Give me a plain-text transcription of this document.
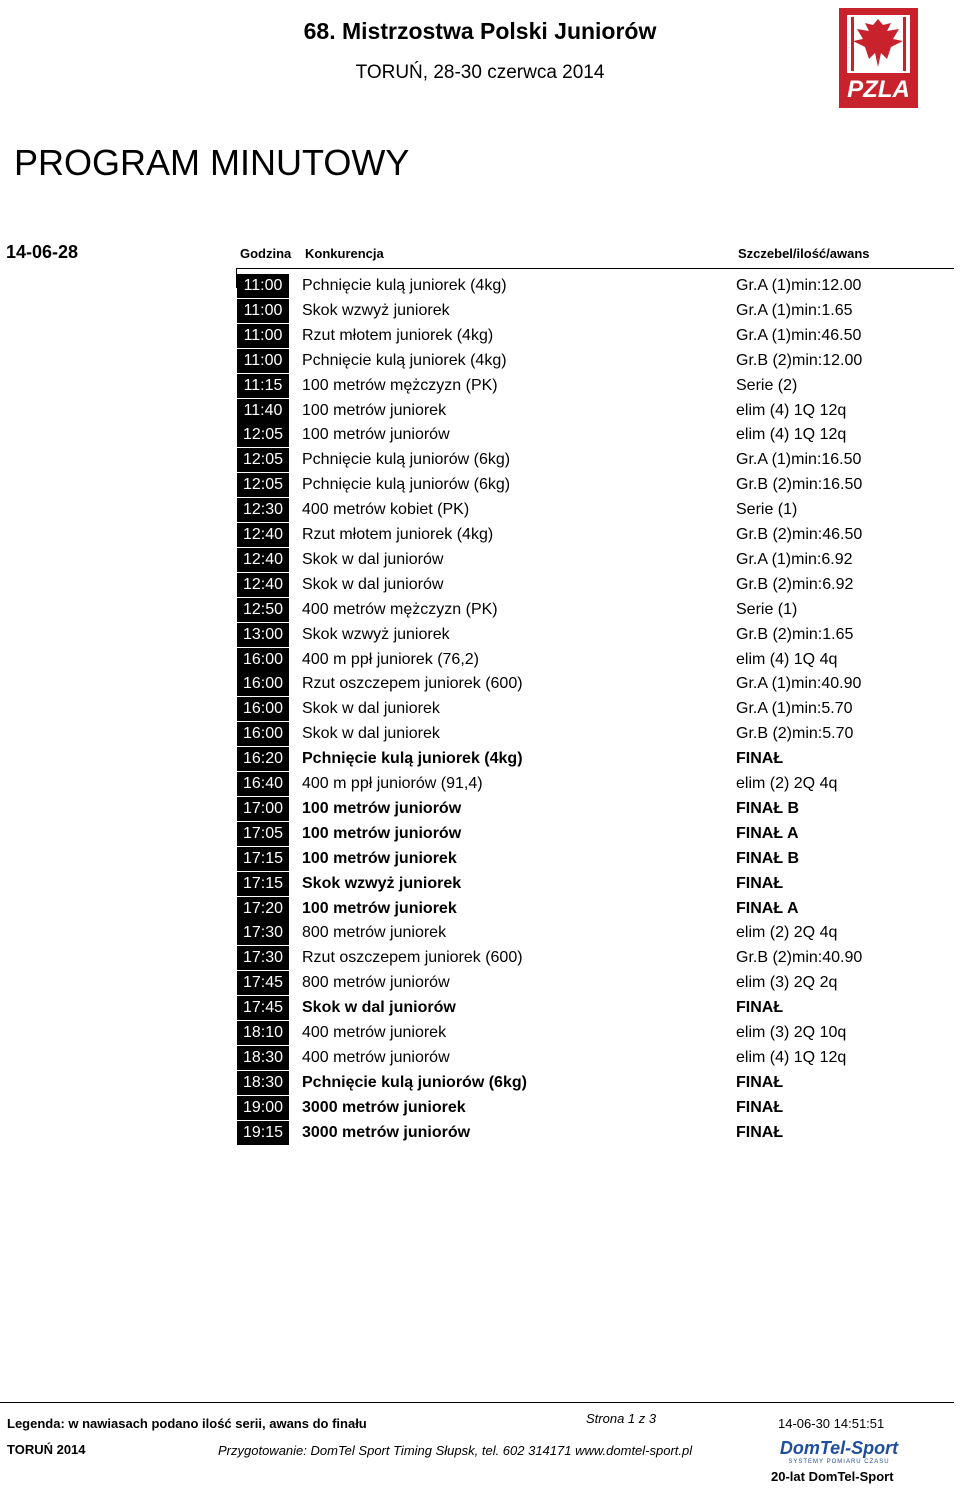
68. Mistrzostwa Polski Juniorów
TORUŃ, 28-30 czerwca 2014
PZLA
PROGRAM MINUTOWY
14-06-28	Godzina Konkurencja	Szczebel/ilość/awans
11:00	Pchnięcie kulą juniorek (4kg)	Gr.A (1)min:12.00
11:00	Skok wzwyż juniorek	Gr.A (1)min:1.65
11:00	Rzut młotem juniorek (4kg)	Gr.A (1)min:46.50
11:00	Pchnięcie kulą juniorek (4kg)	Gr.B (2)min:12.00
11:15	100 metrów mężczyzn (PK)	Serie (2)
11:40	100 metrów juniorek	elim (4) 1Q 12q
12:05	100 metrów juniorów	elim (4) 1Q 12q
12:05	Pchnięcie kulą juniorów (6kg)	Gr.A (1)min:16.50
12:05	Pchnięcie kulą juniorów (6kg)	Gr.B (2)min:16.50
12:30	400 metrów kobiet (PK)	Serie (1)
12:40	Rzut młotem juniorek (4kg)	Gr.B (2)min:46.50
12:40	Skok w dal juniorów	Gr.A (1)min:6.92
12:40	Skok w dal juniorów	Gr.B (2)min:6.92
12:50	400 metrów mężczyzn (PK)	Serie (1)
13:00	Skok wzwyż juniorek	Gr.B (2)min:1.65
16:00	400 m ppł juniorek (76,2)	elim (4) 1Q 4q
16:00	Rzut oszczepem juniorek (600)	Gr.A (1)min:40.90
16:00	Skok w dal juniorek	Gr.A (1)min:5.70
16:00	Skok w dal juniorek	Gr.B (2)min:5.70
16:20	Pchnięcie kulą juniorek (4kg)	FINAŁ
16:40	400 m ppł juniorów (91,4)	elim (2) 2Q 4q
17:00	100 metrów juniorów	FINAŁ B
17:05	100 metrów juniorów	FINAŁ A
17:15	100 metrów juniorek	FINAŁ B
17:15	Skok wzwyż juniorek	FINAŁ
17:20	100 metrów juniorek	FINAŁ A
17:30	800 metrów juniorek	elim (2) 2Q 4q
17:30	Rzut oszczepem juniorek (600)	Gr.B (2)min:40.90
17:45	800 metrów juniorów	elim (3) 2Q 2q
17:45	Skok w dal juniorów	FINAŁ
18:10	400 metrów juniorek	elim (3) 2Q 10q
18:30	400 metrów juniorów	elim (4) 1Q 12q
18:30	Pchnięcie kulą juniorów (6kg)	FINAŁ
19:00	3000 metrów juniorek	FINAŁ
19:15	3000 metrów juniorów	FINAŁ
Legenda: w nawiasach podano ilość serii, awans do finału	Strona 1 z 3	14-06-30 14:51:51
TORUŃ 2014	Przygotowanie: DomTel Sport Timing Słupsk, tel. 602 314171 www.domtel-sport.pl	DomTel-Sport
SYSTEMY POMIARU CZASU
20-lat DomTel-Sport
